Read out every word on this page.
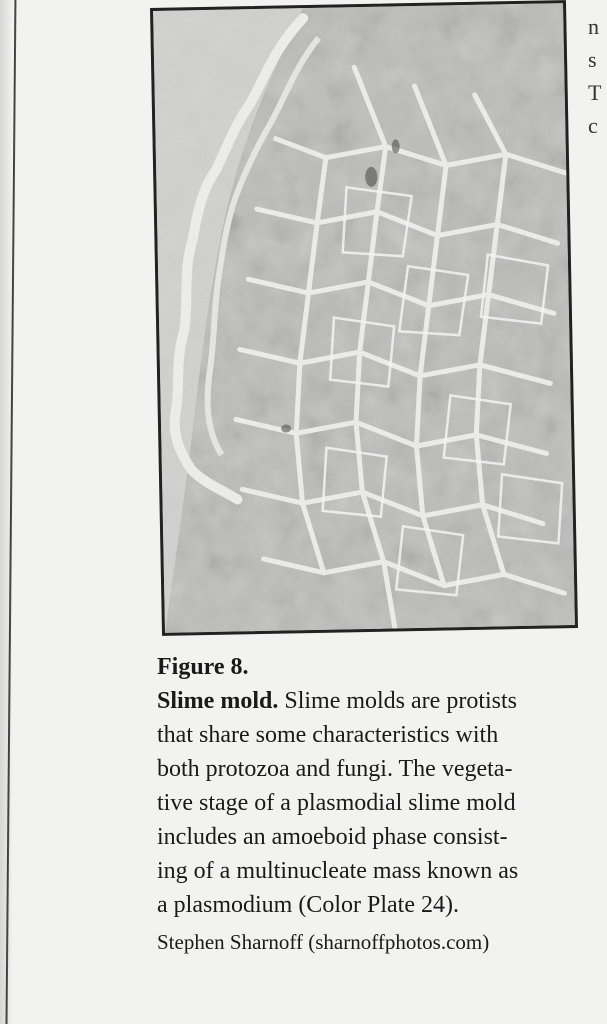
n
s
T
c
Figure 8.
Slime mold. Slime molds are protists
that share some characteristics with
both protozoa and fungi. The vegeta-
tive stage of a plasmodial slime mold
includes an amoeboid phase consist-
ing of a multinucleate mass known as
a plasmodium (Color Plate 24).
Stephen Sharnoff (sharnoffphotos.com)
